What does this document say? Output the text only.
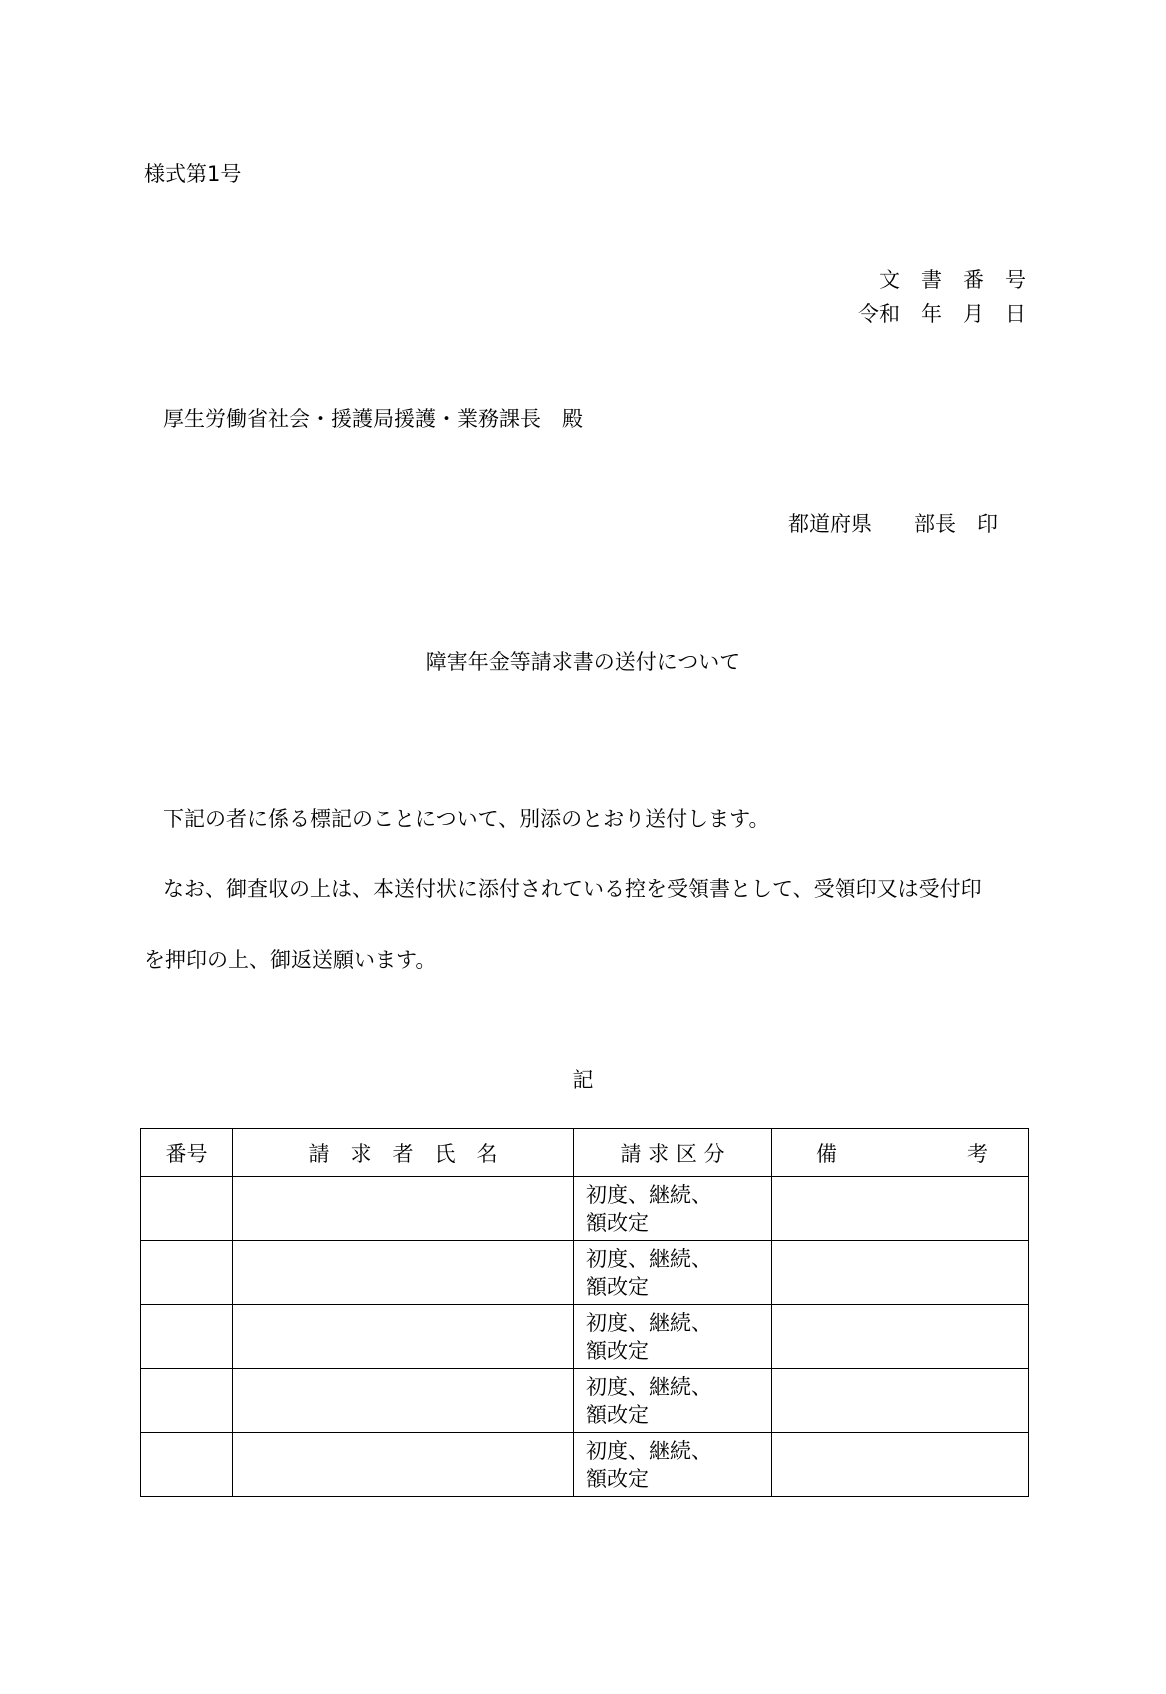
様式第1号
文　書　番　号
令和　年　月　日
厚生労働省社会・援護局援護・業務課長　殿
都道府県　　部長　印
障害年金等請求書の送付について
下記の者に係る標記のことについて、別添のとおり送付します。
なお、御査収の上は、本送付状に添付されている控を受領書として、受領印又は受付印
を押印の上、御返送願います。
記
番号	請　求　者　氏　名	請 求 区 分	備 考

		初度、継続、
額改定	

		初度、継続、
額改定	

		初度、継続、
額改定	

		初度、継続、
額改定	

		初度、継続、
額改定	
